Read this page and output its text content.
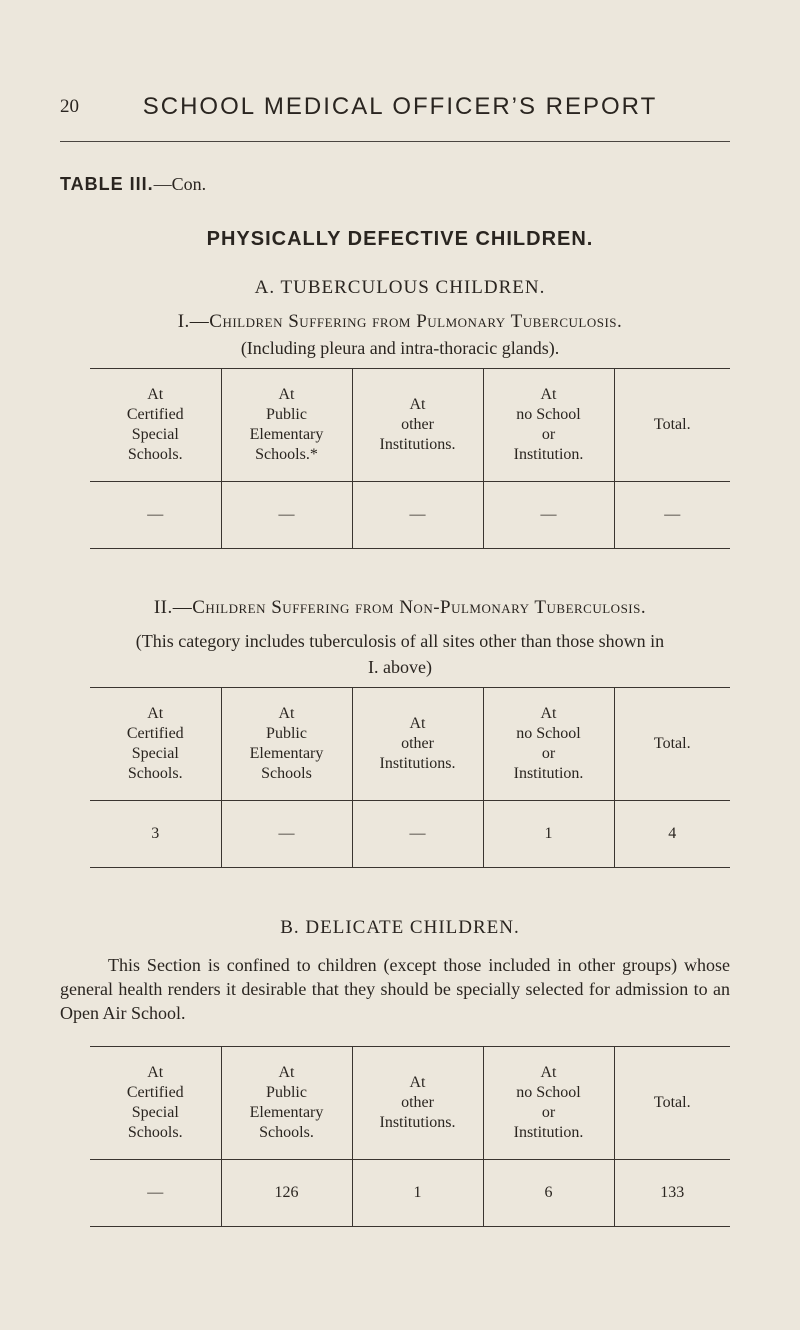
20	SCHOOL MEDICAL OFFICER’S REPORT
TABLE III.—Con.
PHYSICALLY DEFECTIVE CHILDREN.
A. TUBERCULOUS CHILDREN.
I.—Children Suffering from Pulmonary Tuberculosis.
(Including pleura and intra-thoracic glands).
At
Certified
Special
Schools.	At
Public
Elementary
Schools.*	At
other
Institutions.	At
no School
or
Institution.	Total.

—	—	—	—	—
II.—Children Suffering from Non-Pulmonary Tuberculosis.
(This category includes tuberculosis of all sites other than those shown in
I. above)
At
Certified
Special
Schools.	At
Public
Elementary
Schools	At
other
Institutions.	At
no School
or
Institution.	Total.

3	—	—	1	4
B. DELICATE CHILDREN.
This Section is confined to children (except those included in other groups) whose general health renders it desirable that they should be specially selected for admission to an Open Air School.
At
Certified
Special
Schools.	At
Public
Elementary
Schools.	At
other
Institutions.	At
no School
or
Institution.	Total.

—	126	1	6	133
